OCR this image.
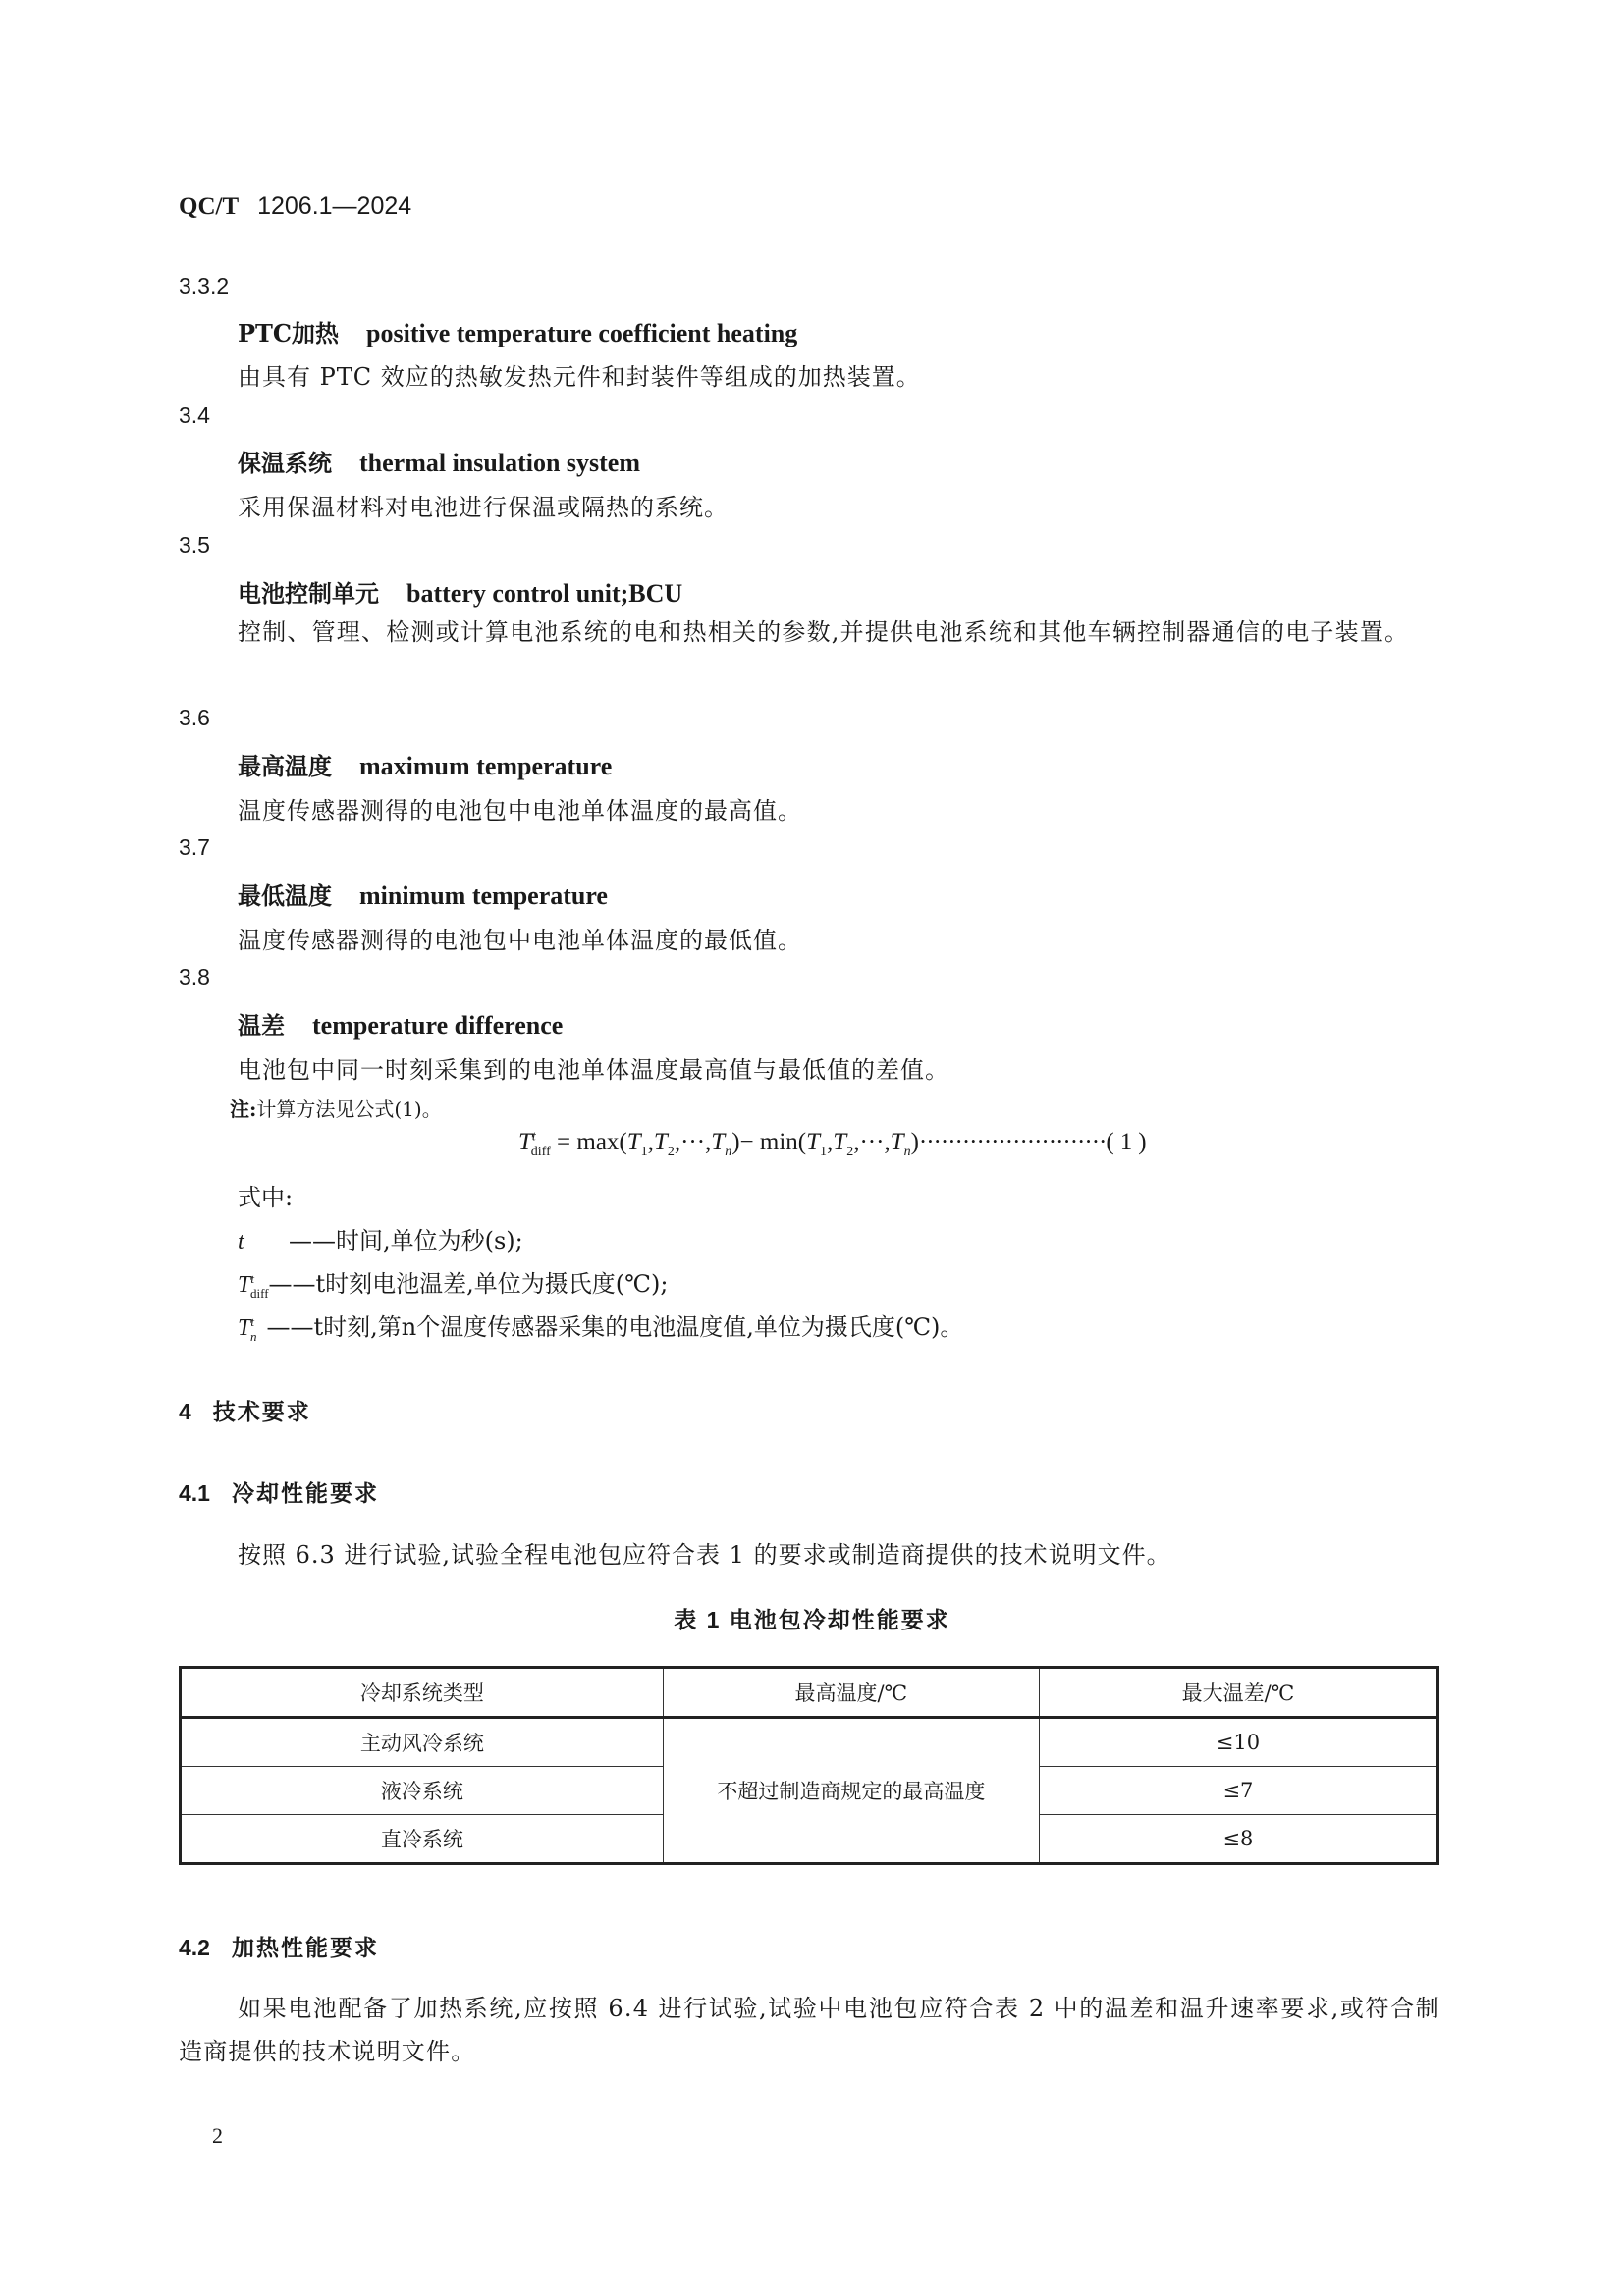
QC/T 1206.1—2024
3.3.2
PTC加热 positive temperature coefficient heating
由具有 PTC 效应的热敏发热元件和封装件等组成的加热装置。
3.4
保温系统 thermal insulation system
采用保温材料对电池进行保温或隔热的系统。
3.5
电池控制单元 battery control unit;BCU
控制、管理、检测或计算电池系统的电和热相关的参数,并提供电池系统和其他车辆控制器通信的电子装置。
3.6
最高温度 maximum temperature
温度传感器测得的电池包中电池单体温度的最高值。
3.7
最低温度 minimum temperature
温度传感器测得的电池包中电池单体温度的最低值。
3.8
温差 temperature difference
电池包中同一时刻采集到的电池单体温度最高值与最低值的差值。
注:计算方法见公式(1)。
$T^t_{diff} = \max(T_1,T_2,\cdot\cdot\cdot,T_n)- \min(T_1,T_2,\cdot\cdot\cdot,T_n)\cdot\cdot\cdot\cdot\cdot\cdot\cdot\cdot\cdot\cdot\cdot\cdot\cdot\cdot\cdot\cdot\cdot\cdot\cdot\cdot\cdot\cdot\cdot\cdot\cdot\cdot(1)$
式中:
t ——时间,单位为秒(s);
$T^t_{diff}——t$时刻电池温差,单位为摄氏度(℃);
$T^t_n$ ——t时刻,第n个温度传感器采集的电池温度值,单位为摄氏度(℃)。
4 技术要求
4.1 冷却性能要求
按照 6.3 进行试验,试验全程电池包应符合表 1 的要求或制造商提供的技术说明文件。
表 1 电池包冷却性能要求
冷却系统类型	最高温度/℃	最大温差/℃
主动风冷系统	不超过制造商规定的最高温度	≤10
液冷系统		≤7
直冷系统		≤8
4.2 加热性能要求
如果电池配备了加热系统,应按照 6.4 进行试验,试验中电池包应符合表 2 中的温差和温升速率要求,或符合制造商提供的技术说明文件。
2
